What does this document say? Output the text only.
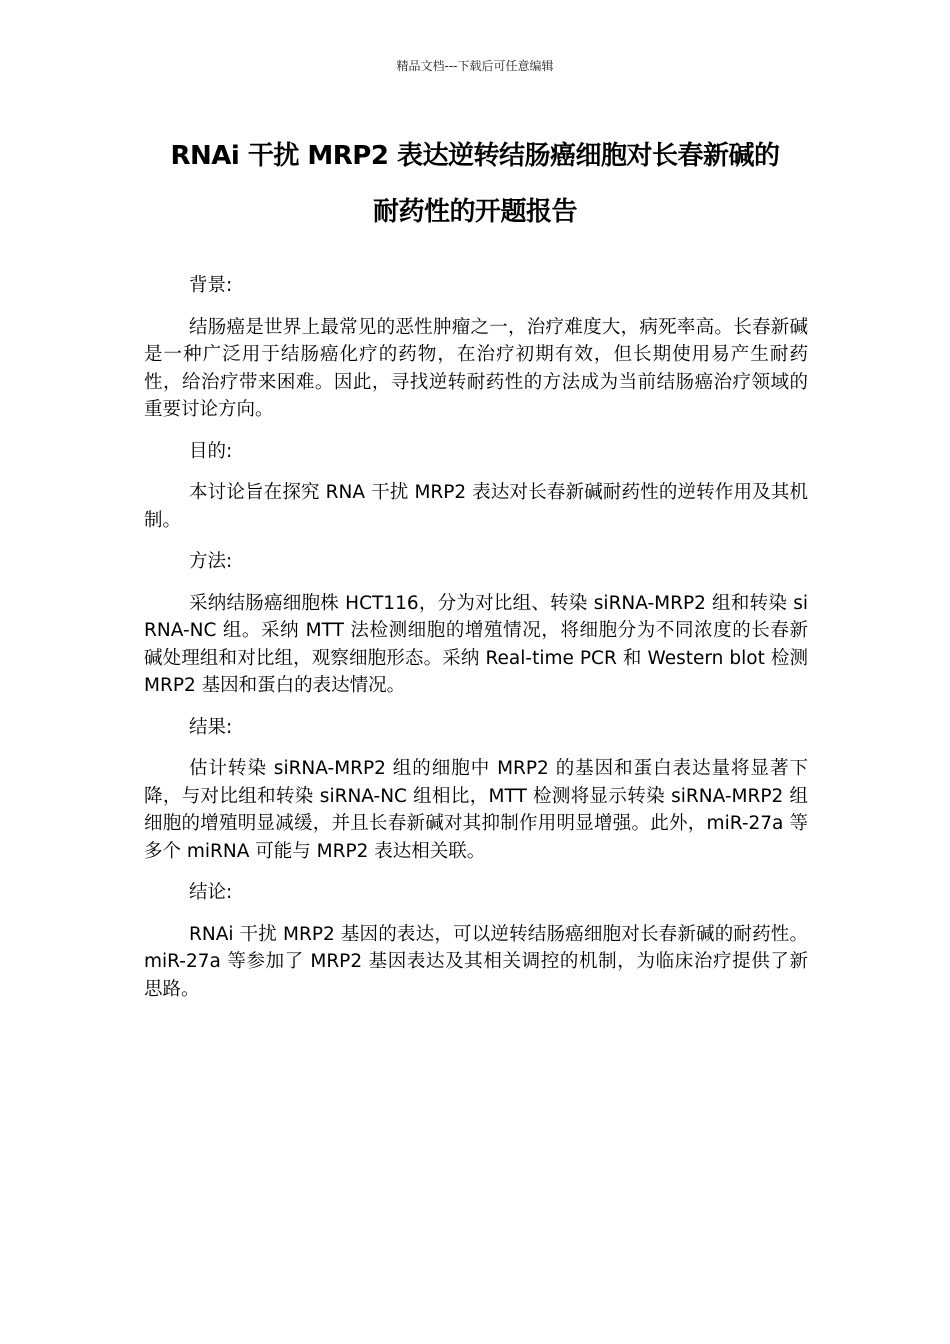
精品文档---下载后可任意编辑
RNAi 干扰 MRP2 表达逆转结肠癌细胞对长春新碱的
耐药性的开题报告

背景:

结肠癌是世界上最常见的恶性肿瘤之一，治疗难度大，病死率高。长春新碱是一种广泛用于结肠癌化疗的药物，在治疗初期有效，但长期使用易产生耐药性，给治疗带来困难。因此，寻找逆转耐药性的方法成为当前结肠癌治疗领域的重要讨论方向。

目的:

本讨论旨在探究 RNA 干扰 MRP2 表达对长春新碱耐药性的逆转作用及其机制。

方法:

采纳结肠癌细胞株 HCT116，分为对比组、转染 siRNA-MRP2 组和转染 siRNA-NC 组。采纳 MTT 法检测细胞的增殖情况，将细胞分为不同浓度的长春新碱处理组和对比组，观察细胞形态。采纳 Real-time PCR 和 Western blot 检测 MRP2 基因和蛋白的表达情况。

结果:

估计转染 siRNA-MRP2 组的细胞中 MRP2 的基因和蛋白表达量将显著下降，与对比组和转染 siRNA-NC 组相比，MTT 检测将显示转染 siRNA-MRP2 组细胞的增殖明显减缓，并且长春新碱对其抑制作用明显增强。此外，miR-27a 等多个 miRNA 可能与 MRP2 表达相关联。

结论:

RNAi 干扰 MRP2 基因的表达，可以逆转结肠癌细胞对长春新碱的耐药性。miR-27a 等参加了 MRP2 基因表达及其相关调控的机制，为临床治疗提供了新思路。
